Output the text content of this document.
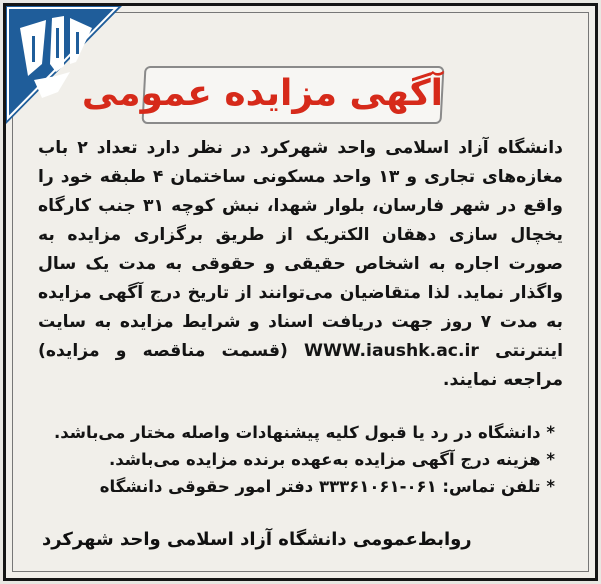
آگهی مزایده عمومی
دانشگاه آزاد اسلامی واحد شهرکرد در نظر دارد تعداد ۲ باب مغازه‌های تجاری و ۱۳ واحد مسکونی ساختمان ۴ طبقه خود را واقع در شهر فارسان، بلوار شهدا، نبش کوچه ۳۱ جنب کارگاه یخچال سازی دهقان الکتریک از طریق برگزاری مزایده به صورت اجاره به اشخاص حقیقی و حقوقی به مدت یک سال واگذار نماید. لذا متقاضیان می‌توانند از تاریخ درج آگهی مزایده به مدت ۷ روز جهت دریافت اسناد و شرایط مزایده به سایت اینترنتی WWW.iaushk.ac.ir (قسمت مناقصه و مزایده) مراجعه نمایند.
* دانشگاه در رد یا قبول کلیه پیشنهادات واصله مختار می‌باشد.
* هزینه درج آگهی مزایده به‌عهده برنده مزایده می‌باشد.
* تلفن تماس: ۰۶۱-۳۳۳۶۱۰۶۱ دفتر امور حقوقی دانشگاه
روابط‌عمومی دانشگاه آزاد اسلامی واحد شهرکرد
